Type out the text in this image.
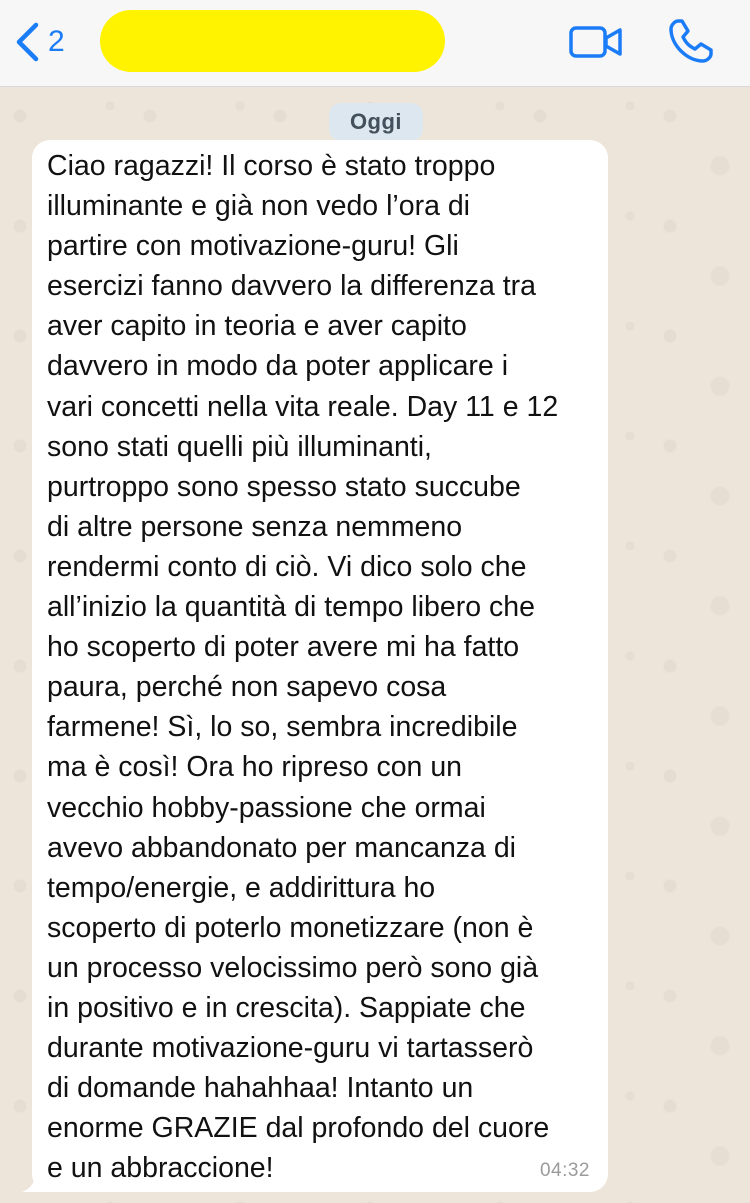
2
Oggi
Ciao ragazzi! Il corso è stato troppo
illuminante e già non vedo l’ora di
partire con motivazione-guru! Gli
esercizi fanno davvero la differenza tra
aver capito in teoria e aver capito
davvero in modo da poter applicare i
vari concetti nella vita reale. Day 11 e 12
sono stati quelli più illuminanti,
purtroppo sono spesso stato succube
di altre persone senza nemmeno
rendermi conto di ciò. Vi dico solo che
all’inizio la quantità di tempo libero che
ho scoperto di poter avere mi ha fatto
paura, perché non sapevo cosa
farmene! Sì, lo so, sembra incredibile
ma è così! Ora ho ripreso con un
vecchio hobby-passione che ormai
avevo abbandonato per mancanza di
tempo/energie, e addirittura ho
scoperto di poterlo monetizzare (non è
un processo velocissimo però sono già
in positivo e in crescita). Sappiate che
durante motivazione-guru vi tartasserò
di domande hahahhaa! Intanto un
enorme GRAZIE dal profondo del cuore
e un abbraccione!	04:32
